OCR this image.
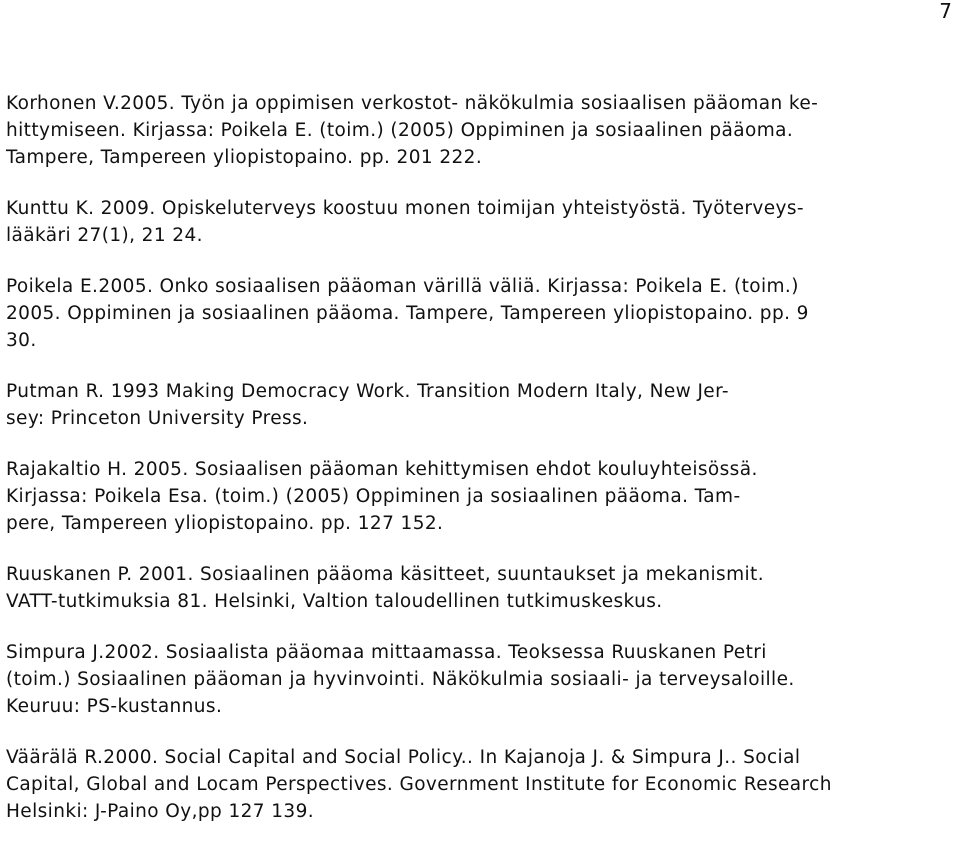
7
Korhonen V.2005. Työn ja oppimisen verkostot- näkökulmia sosiaalisen pääoman ke-
hittymiseen. Kirjassa: Poikela E. (toim.) (2005) Oppiminen ja sosiaalinen pääoma.
Tampere, Tampereen yliopistopaino. pp. 201 222.
Kunttu K. 2009. Opiskeluterveys koostuu monen toimijan yhteistyöstä. Työterveys-
lääkäri 27(1), 21 24.
Poikela E.2005. Onko sosiaalisen pääoman värillä väliä. Kirjassa: Poikela E. (toim.)
2005. Oppiminen ja sosiaalinen pääoma. Tampere, Tampereen yliopistopaino. pp. 9
30.
Putman R. 1993 Making Democracy Work. Transition Modern Italy, New Jer-
sey: Princeton University Press.
Rajakaltio H. 2005. Sosiaalisen pääoman kehittymisen ehdot kouluyhteisössä.
Kirjassa: Poikela Esa. (toim.) (2005) Oppiminen ja sosiaalinen pääoma. Tam-
pere, Tampereen yliopistopaino. pp. 127 152.
Ruuskanen P. 2001. Sosiaalinen pääoma käsitteet, suuntaukset ja mekanismit.
VATT-tutkimuksia 81. Helsinki, Valtion taloudellinen tutkimuskeskus.
Simpura J.2002. Sosiaalista pääomaa mittaamassa. Teoksessa Ruuskanen Petri
(toim.) Sosiaalinen pääoman ja hyvinvointi. Näkökulmia sosiaali- ja terveysaloille.
Keuruu: PS-kustannus.
Väärälä R.2000. Social Capital and Social Policy.. In Kajanoja J. & Simpura J.. Social
Capital, Global and Locam Perspectives. Government Institute for Economic Research
Helsinki: J-Paino Oy,pp 127 139.
